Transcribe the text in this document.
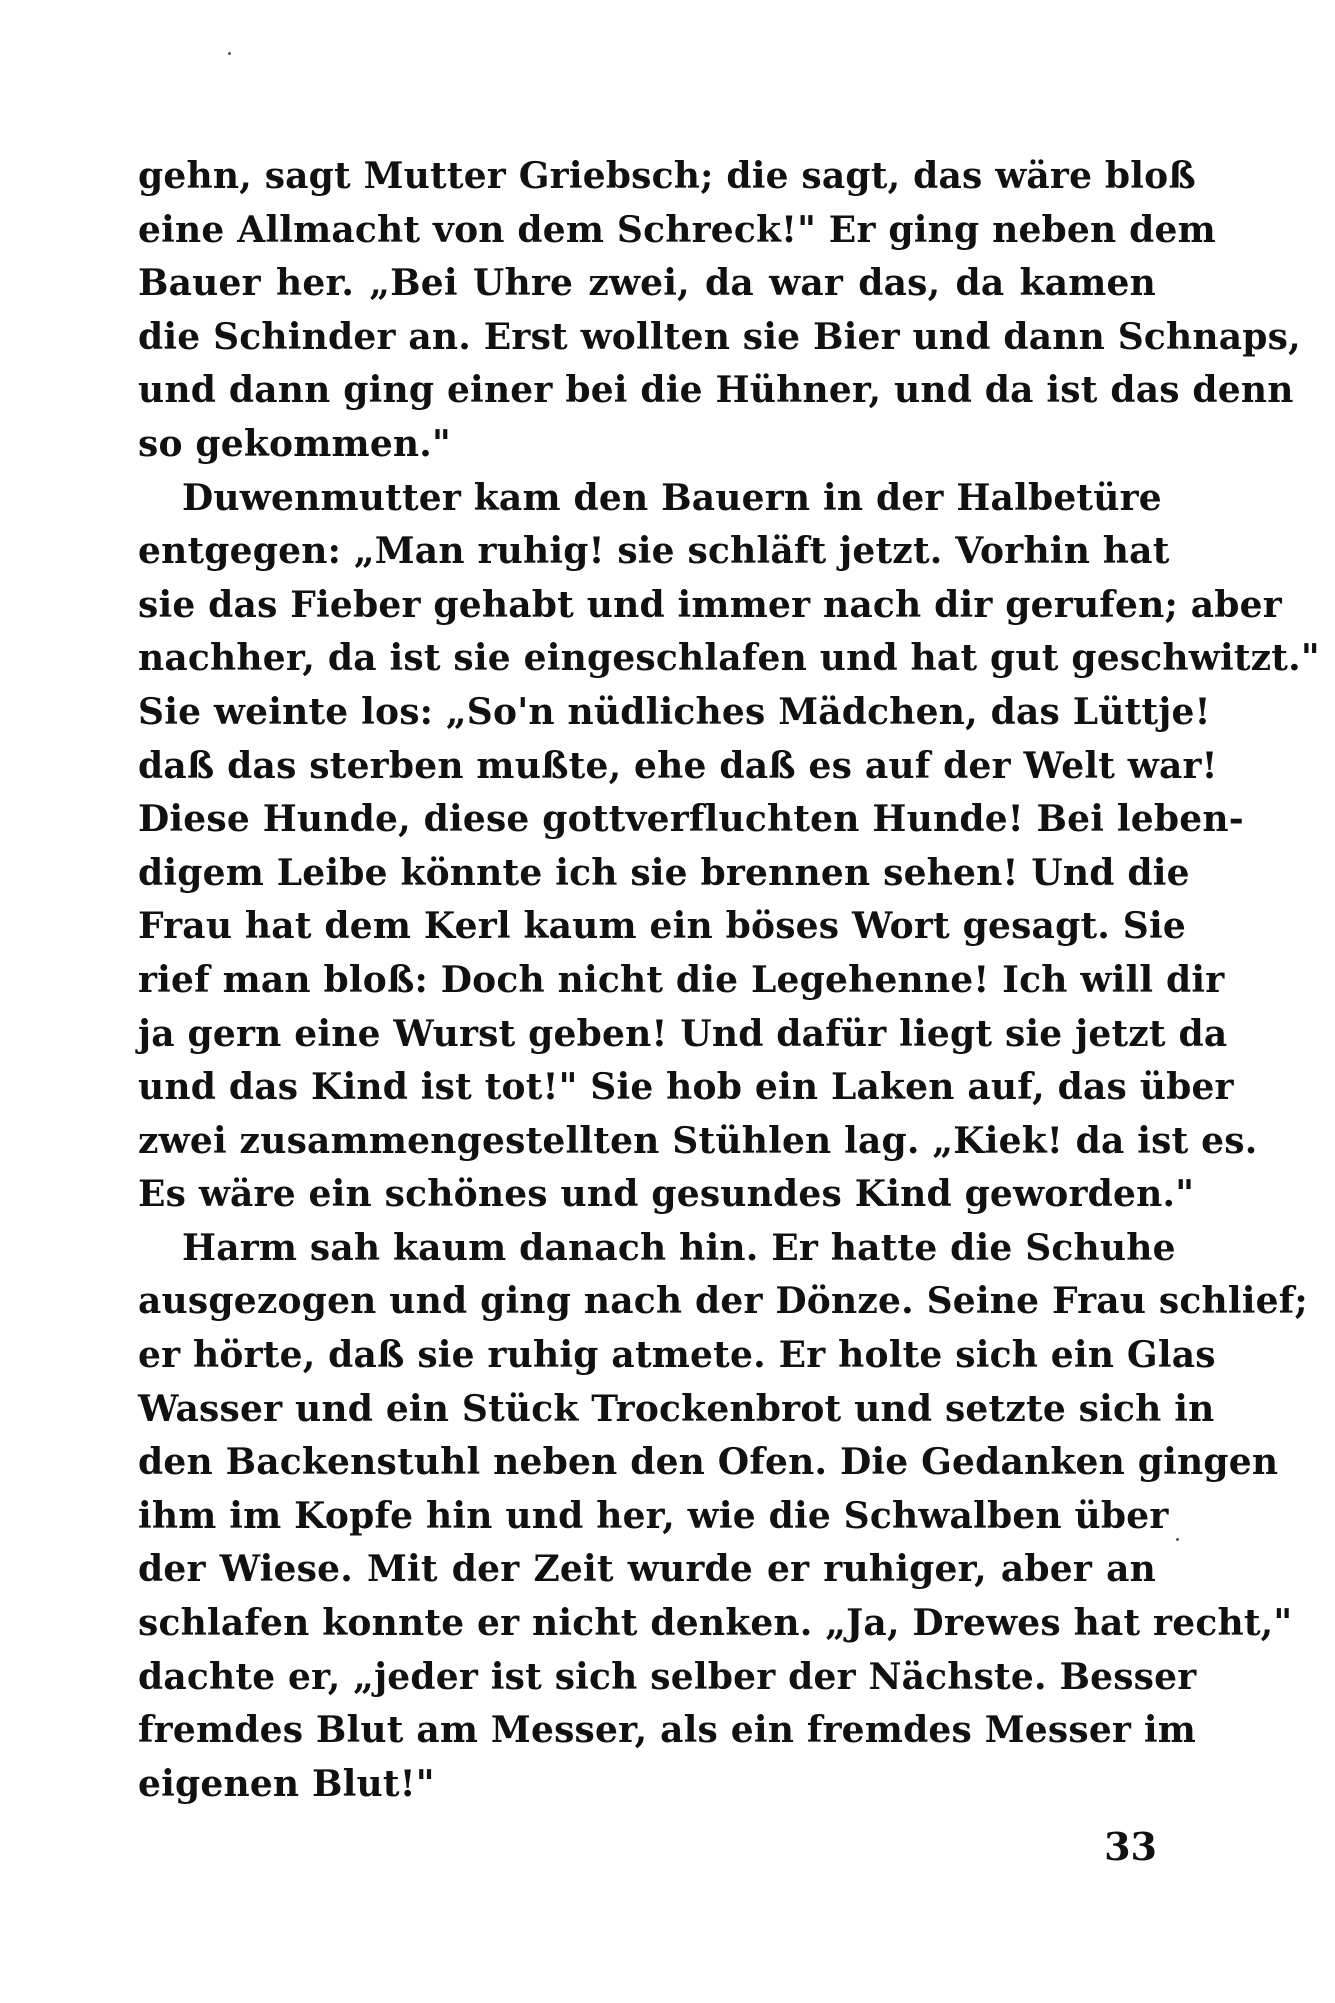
gehn, sagt Mutter Griebsch; die sagt, das wäre bloß
eine Allmacht von dem Schreck!" Er ging neben dem
Bauer her. „Bei Uhre zwei, da war das, da kamen
die Schinder an. Erst wollten sie Bier und dann Schnaps,
und dann ging einer bei die Hühner, und da ist das denn
so gekommen."
Duwenmutter kam den Bauern in der Halbetüre
entgegen: „Man ruhig! sie schläft jetzt. Vorhin hat
sie das Fieber gehabt und immer nach dir gerufen; aber
nachher, da ist sie eingeschlafen und hat gut geschwitzt."
Sie weinte los: „So'n nüdliches Mädchen, das Lüttje!
daß das sterben mußte, ehe daß es auf der Welt war!
Diese Hunde, diese gottverfluchten Hunde! Bei leben-
digem Leibe könnte ich sie brennen sehen! Und die
Frau hat dem Kerl kaum ein böses Wort gesagt. Sie
rief man bloß: Doch nicht die Legehenne! Ich will dir
ja gern eine Wurst geben! Und dafür liegt sie jetzt da
und das Kind ist tot!" Sie hob ein Laken auf, das über
zwei zusammengestellten Stühlen lag. „Kiek! da ist es.
Es wäre ein schönes und gesundes Kind geworden."
Harm sah kaum danach hin. Er hatte die Schuhe
ausgezogen und ging nach der Dönze. Seine Frau schlief;
er hörte, daß sie ruhig atmete. Er holte sich ein Glas
Wasser und ein Stück Trockenbrot und setzte sich in
den Backenstuhl neben den Ofen. Die Gedanken gingen
ihm im Kopfe hin und her, wie die Schwalben über
der Wiese. Mit der Zeit wurde er ruhiger, aber an
schlafen konnte er nicht denken. „Ja, Drewes hat recht,"
dachte er, „jeder ist sich selber der Nächste. Besser
fremdes Blut am Messer, als ein fremdes Messer im
eigenen Blut!"
33
